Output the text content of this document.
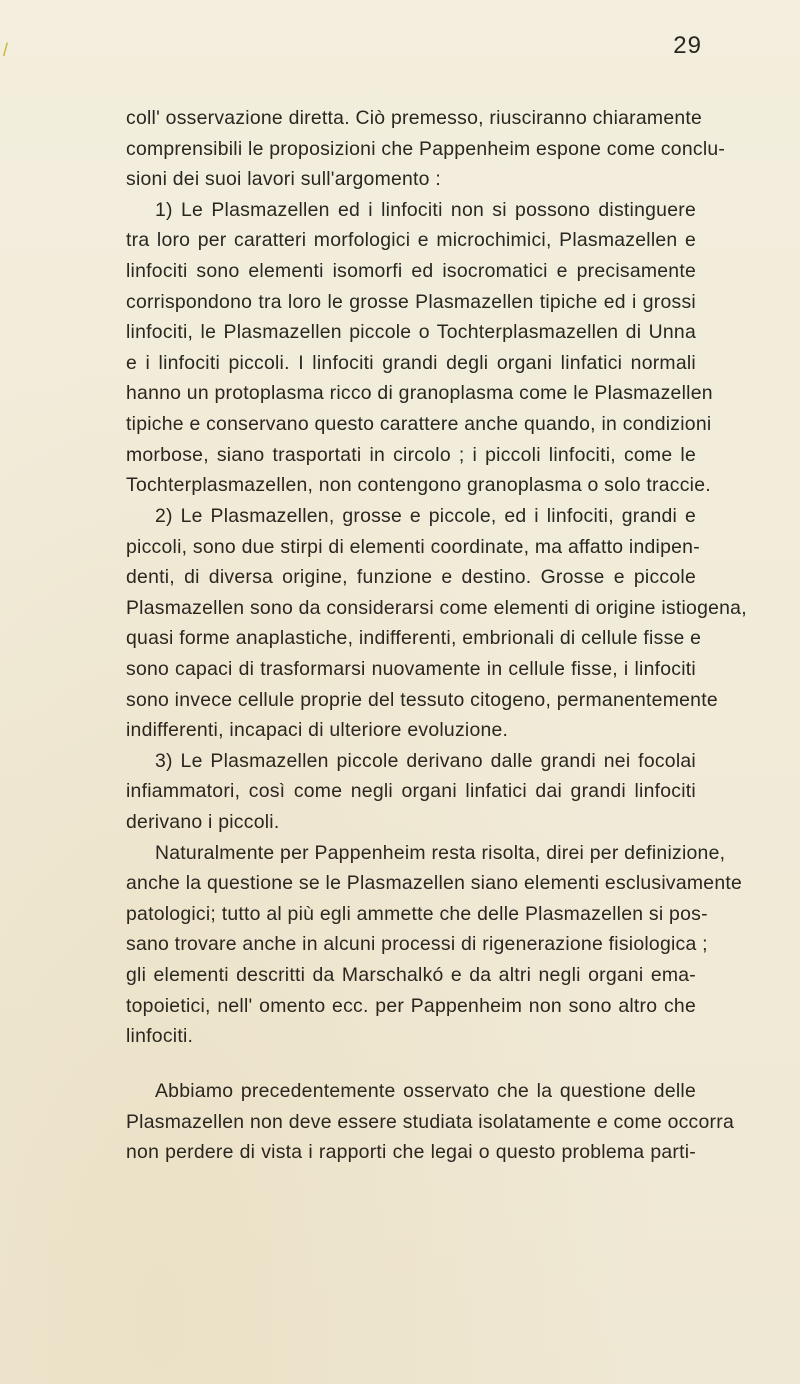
/	29
coll' osservazione diretta. Ciò premesso, riusciranno chiaramente
comprensibili le proposizioni che Pappenheim espone come conclu-
sioni dei suoi lavori sull'argomento :
1) Le Plasmazellen ed i linfociti non si possono distinguere
tra loro per caratteri morfologici e microchimici, Plasmazellen e
linfociti sono elementi isomorfi ed isocromatici e precisamente
corrispondono tra loro le grosse Plasmazellen tipiche ed i grossi
linfociti, le Plasmazellen piccole o Tochterplasmazellen di Unna
e i linfociti piccoli. I linfociti grandi degli organi linfatici normali
hanno un protoplasma ricco di granoplasma come le Plasmazellen
tipiche e conservano questo carattere anche quando, in condizioni
morbose, siano trasportati in circolo ; i piccoli linfociti, come le
Tochterplasmazellen, non contengono granoplasma o solo traccie.
2) Le Plasmazellen, grosse e piccole, ed i linfociti, grandi e
piccoli, sono due stirpi di elementi coordinate, ma affatto indipen-
denti, di diversa origine, funzione e destino. Grosse e piccole
Plasmazellen sono da considerarsi come elementi di origine istiogena,
quasi forme anaplastiche, indifferenti, embrionali di cellule fisse e
sono capaci di trasformarsi nuovamente in cellule fisse, i linfociti
sono invece cellule proprie del tessuto citogeno, permanentemente
indifferenti, incapaci di ulteriore evoluzione.
3) Le Plasmazellen piccole derivano dalle grandi nei focolai
infiammatori, così come negli organi linfatici dai grandi linfociti
derivano i piccoli.
Naturalmente per Pappenheim resta risolta, direi per definizione,
anche la questione se le Plasmazellen siano elementi esclusivamente
patologici; tutto al più egli ammette che delle Plasmazellen si pos-
sano trovare anche in alcuni processi di rigenerazione fisiologica ;
gli elementi descritti da Marschalkó e da altri negli organi ema-
topoietici, nell' omento ecc. per Pappenheim non sono altro che
linfociti.
Abbiamo precedentemente osservato che la questione delle
Plasmazellen non deve essere studiata isolatamente e come occorra
non perdere di vista i rapporti che legai o questo problema parti-
